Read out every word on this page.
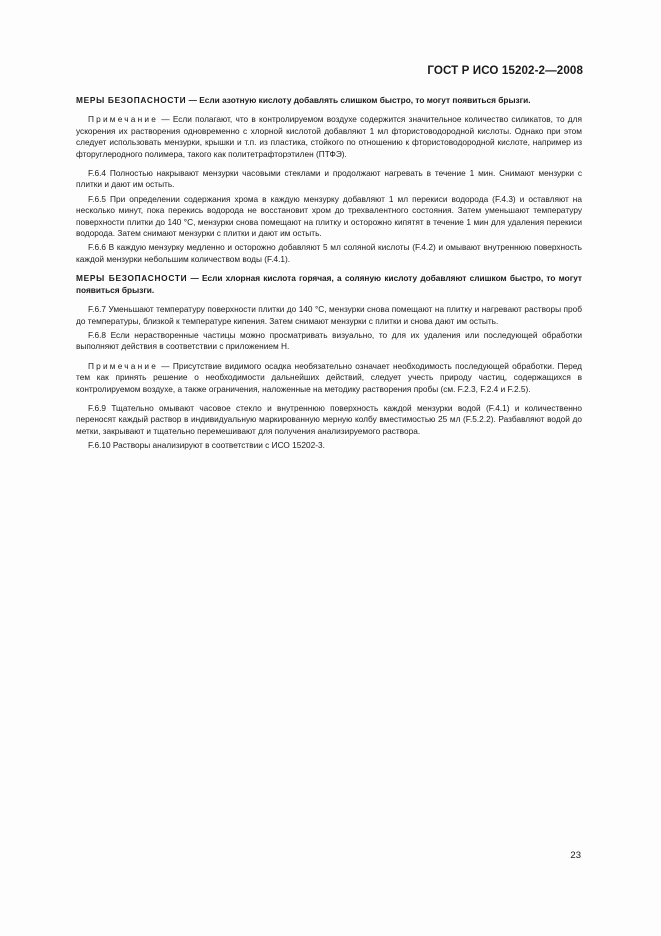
ГОСТ Р ИСО 15202-2—2008

МЕРЫ БЕЗОПАСНОСТИ — Если азотную кислоту добавлять слишком быстро, то могут появиться брызги.

Примечание — Если полагают, что в контролируемом воздухе содержится значительное количество силикатов, то для ускорения их растворения одновременно с хлорной кислотой добавляют 1 мл фтористоводородной кислоты. Однако при этом следует использовать мензурки, крышки и т.п. из пластика, стойкого по отношению к фтористоводородной кислоте, например из фторуглеродного полимера, такого как политетрафторэтилен (ПТФЭ).

F.6.4 Полностью накрывают мензурки часовыми стеклами и продолжают нагревать в течение 1 мин. Снимают мензурки с плитки и дают им остыть.

F.6.5 При определении содержания хрома в каждую мензурку добавляют 1 мл перекиси водорода (F.4.3) и оставляют на несколько минут, пока перекись водорода не восстановит хром до трехвалентного состояния. Затем уменьшают температуру поверхности плитки до 140 °С, мензурки снова помещают на плитку и осторожно кипятят в течение 1 мин для удаления перекиси водорода. Затем снимают мензурки с плитки и дают им остыть.

F.6.6 В каждую мензурку медленно и осторожно добавляют 5 мл соляной кислоты (F.4.2) и омывают внутреннюю поверхность каждой мензурки небольшим количеством воды (F.4.1).

МЕРЫ БЕЗОПАСНОСТИ — Если хлорная кислота горячая, а соляную кислоту добавляют слишком быстро, то могут появиться брызги.

F.6.7 Уменьшают температуру поверхности плитки до 140 °С, мензурки снова помещают на плитку и нагревают растворы проб до температуры, близкой к температуре кипения. Затем снимают мензурки с плитки и снова дают им остыть.

F.6.8 Если нерастворенные частицы можно просматривать визуально, то для их удаления или последующей обработки выполняют действия в соответствии с приложением Н.

Примечание — Присутствие видимого осадка необязательно означает необходимость последующей обработки. Перед тем как принять решение о необходимости дальнейших действий, следует учесть природу частиц, содержащихся в контролируемом воздухе, а также ограничения, наложенные на методику растворения пробы (см. F.2.3, F.2.4 и F.2.5).

F.6.9 Тщательно омывают часовое стекло и внутреннюю поверхность каждой мензурки водой (F.4.1) и количественно переносят каждый раствор в индивидуальную маркированную мерную колбу вместимостью 25 мл (F.5.2.2). Разбавляют водой до метки, закрывают и тщательно перемешивают для получения анализируемого раствора.

F.6.10 Растворы анализируют в соответствии с ИСО 15202-3.

23
